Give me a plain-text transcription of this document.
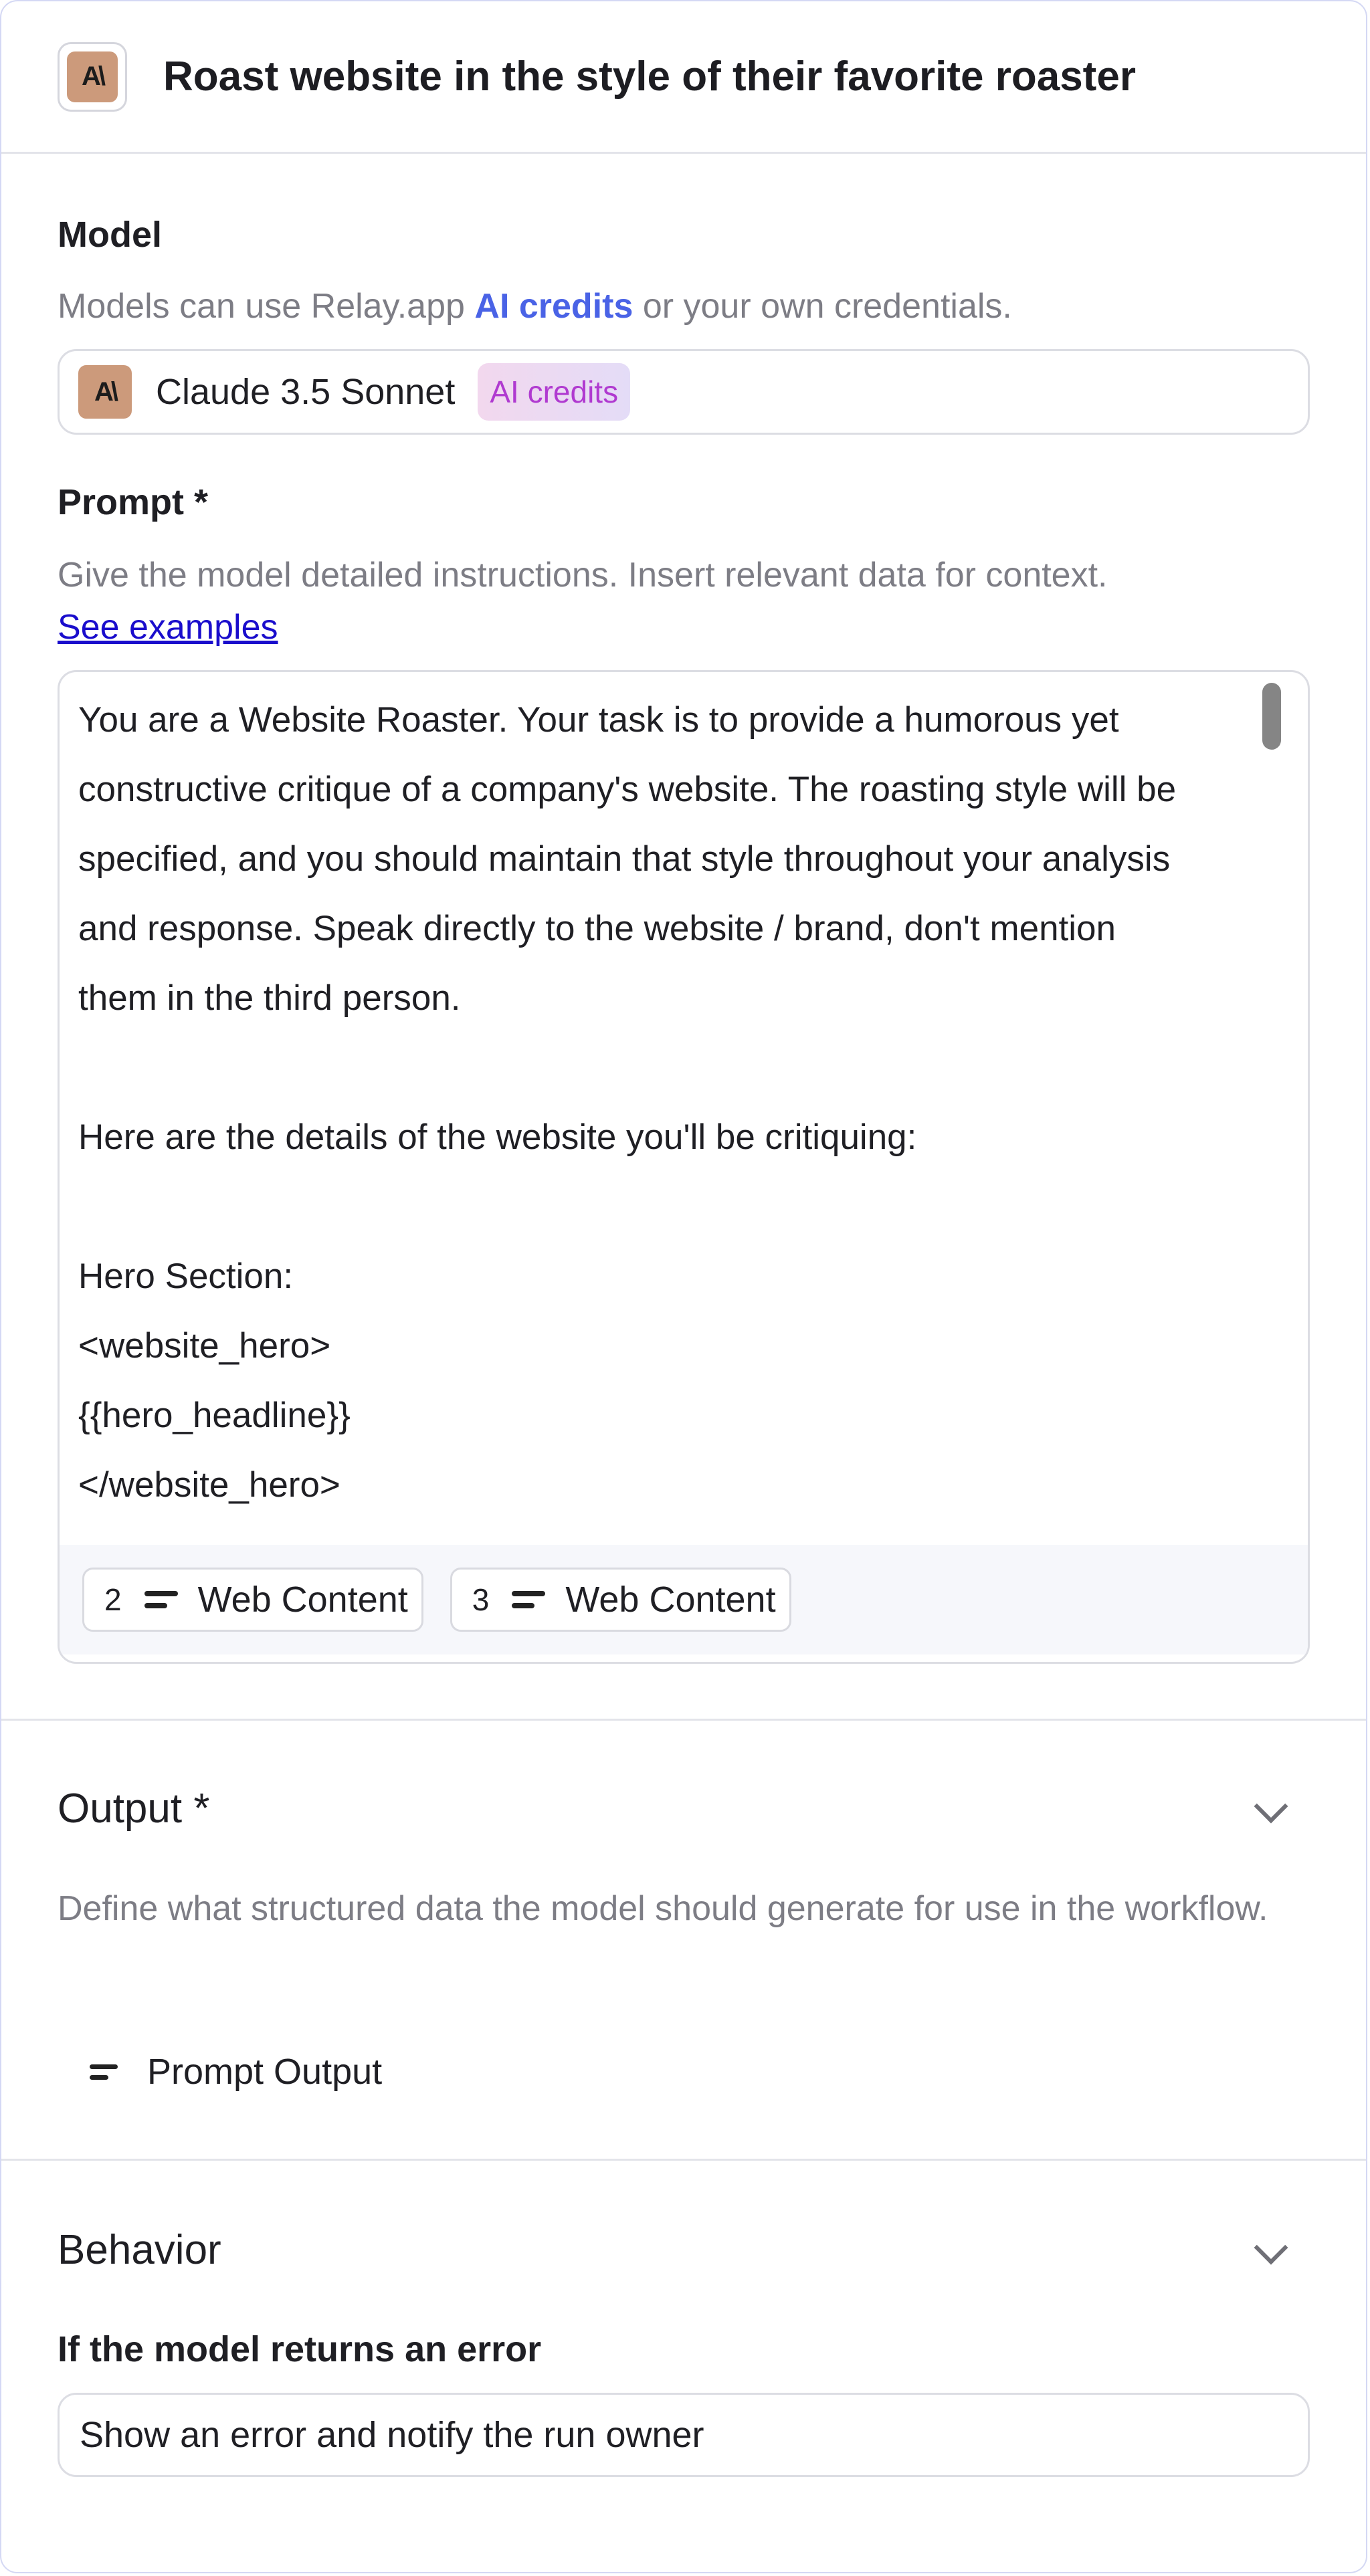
A\	Roast website in the style of their favorite roaster
Model
Models can use Relay.app AI credits or your own credentials.
A\	Claude 3.5 Sonnet	AI credits
Prompt *
Give the model detailed instructions. Insert relevant data for context.
See examples
You are a Website Roaster. Your task is to provide a humorous yet
constructive critique of a company's website. The roasting style will be
specified, and you should maintain that style throughout your analysis
and response. Speak directly to the website / brand, don't mention
them in the third person.

Here are the details of the website you'll be critiquing:

Hero Section:
<website_hero>
{{hero_headline}}
</website_hero>

2 Web Content 3 Web Content
Output *
Define what structured data the model should generate for use in the workflow.
Prompt Output
Behavior
If the model returns an error
Show an error and notify the run owner
